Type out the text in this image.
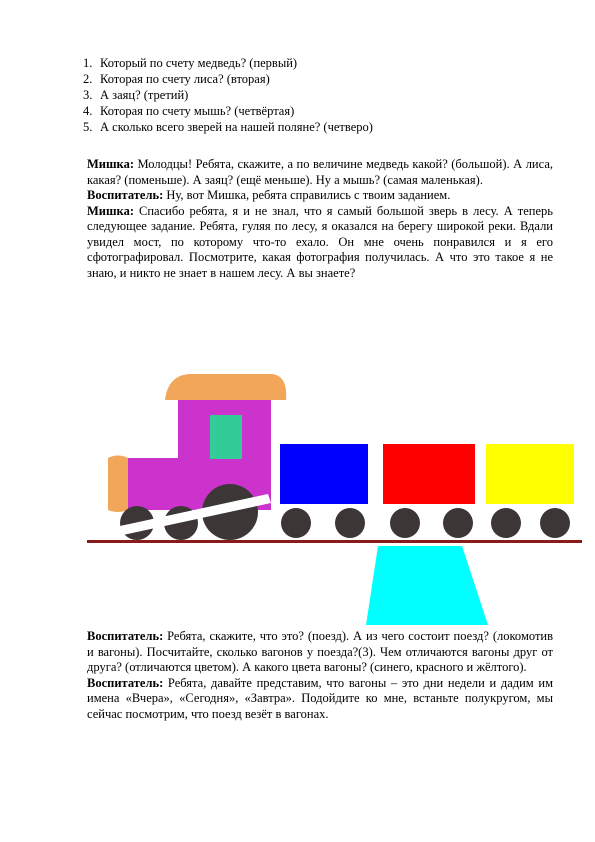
1. Который по счету медведь? (первый)
2. Которая по счету лиса? (вторая)
3. А заяц? (третий)
4. Которая по счету мышь? (четвёртая)
5. А сколько всего зверей на нашей поляне? (четверо)

Мишка: Молодцы! Ребята, скажите, а по величине медведь какой? (большой). А лиса, какая? (поменьше). А заяц? (ещё меньше). Ну а мышь? (самая маленькая).

Воспитатель: Ну, вот Мишка, ребята справились с твоим заданием.

Мишка: Спасибо ребята, я и не знал, что я самый большой зверь в лесу. А теперь следующее задание. Ребята, гуляя по лесу, я оказался на берегу широкой реки. Вдали увидел мост, по которому что-то ехало. Он мне очень понравился и я его сфотографировал. Посмотрите, какая фотография получилась. А что это такое я не знаю, и никто не знает в нашем лесу. А вы знаете?

Воспитатель: Ребята, скажите, что это? (поезд). А из чего состоит поезд? (локомотив и вагоны). Посчитайте, сколько вагонов у поезда?(3). Чем отличаются вагоны друг от друга? (отличаются цветом). А какого цвета вагоны? (синего, красного и жёлтого).

Воспитатель: Ребята, давайте представим, что вагоны – это дни недели и дадим им имена «Вчера», «Сегодня», «Завтра». Подойдите ко мне, встаньте полукругом, мы сейчас посмотрим, что поезд везёт в вагонах.
